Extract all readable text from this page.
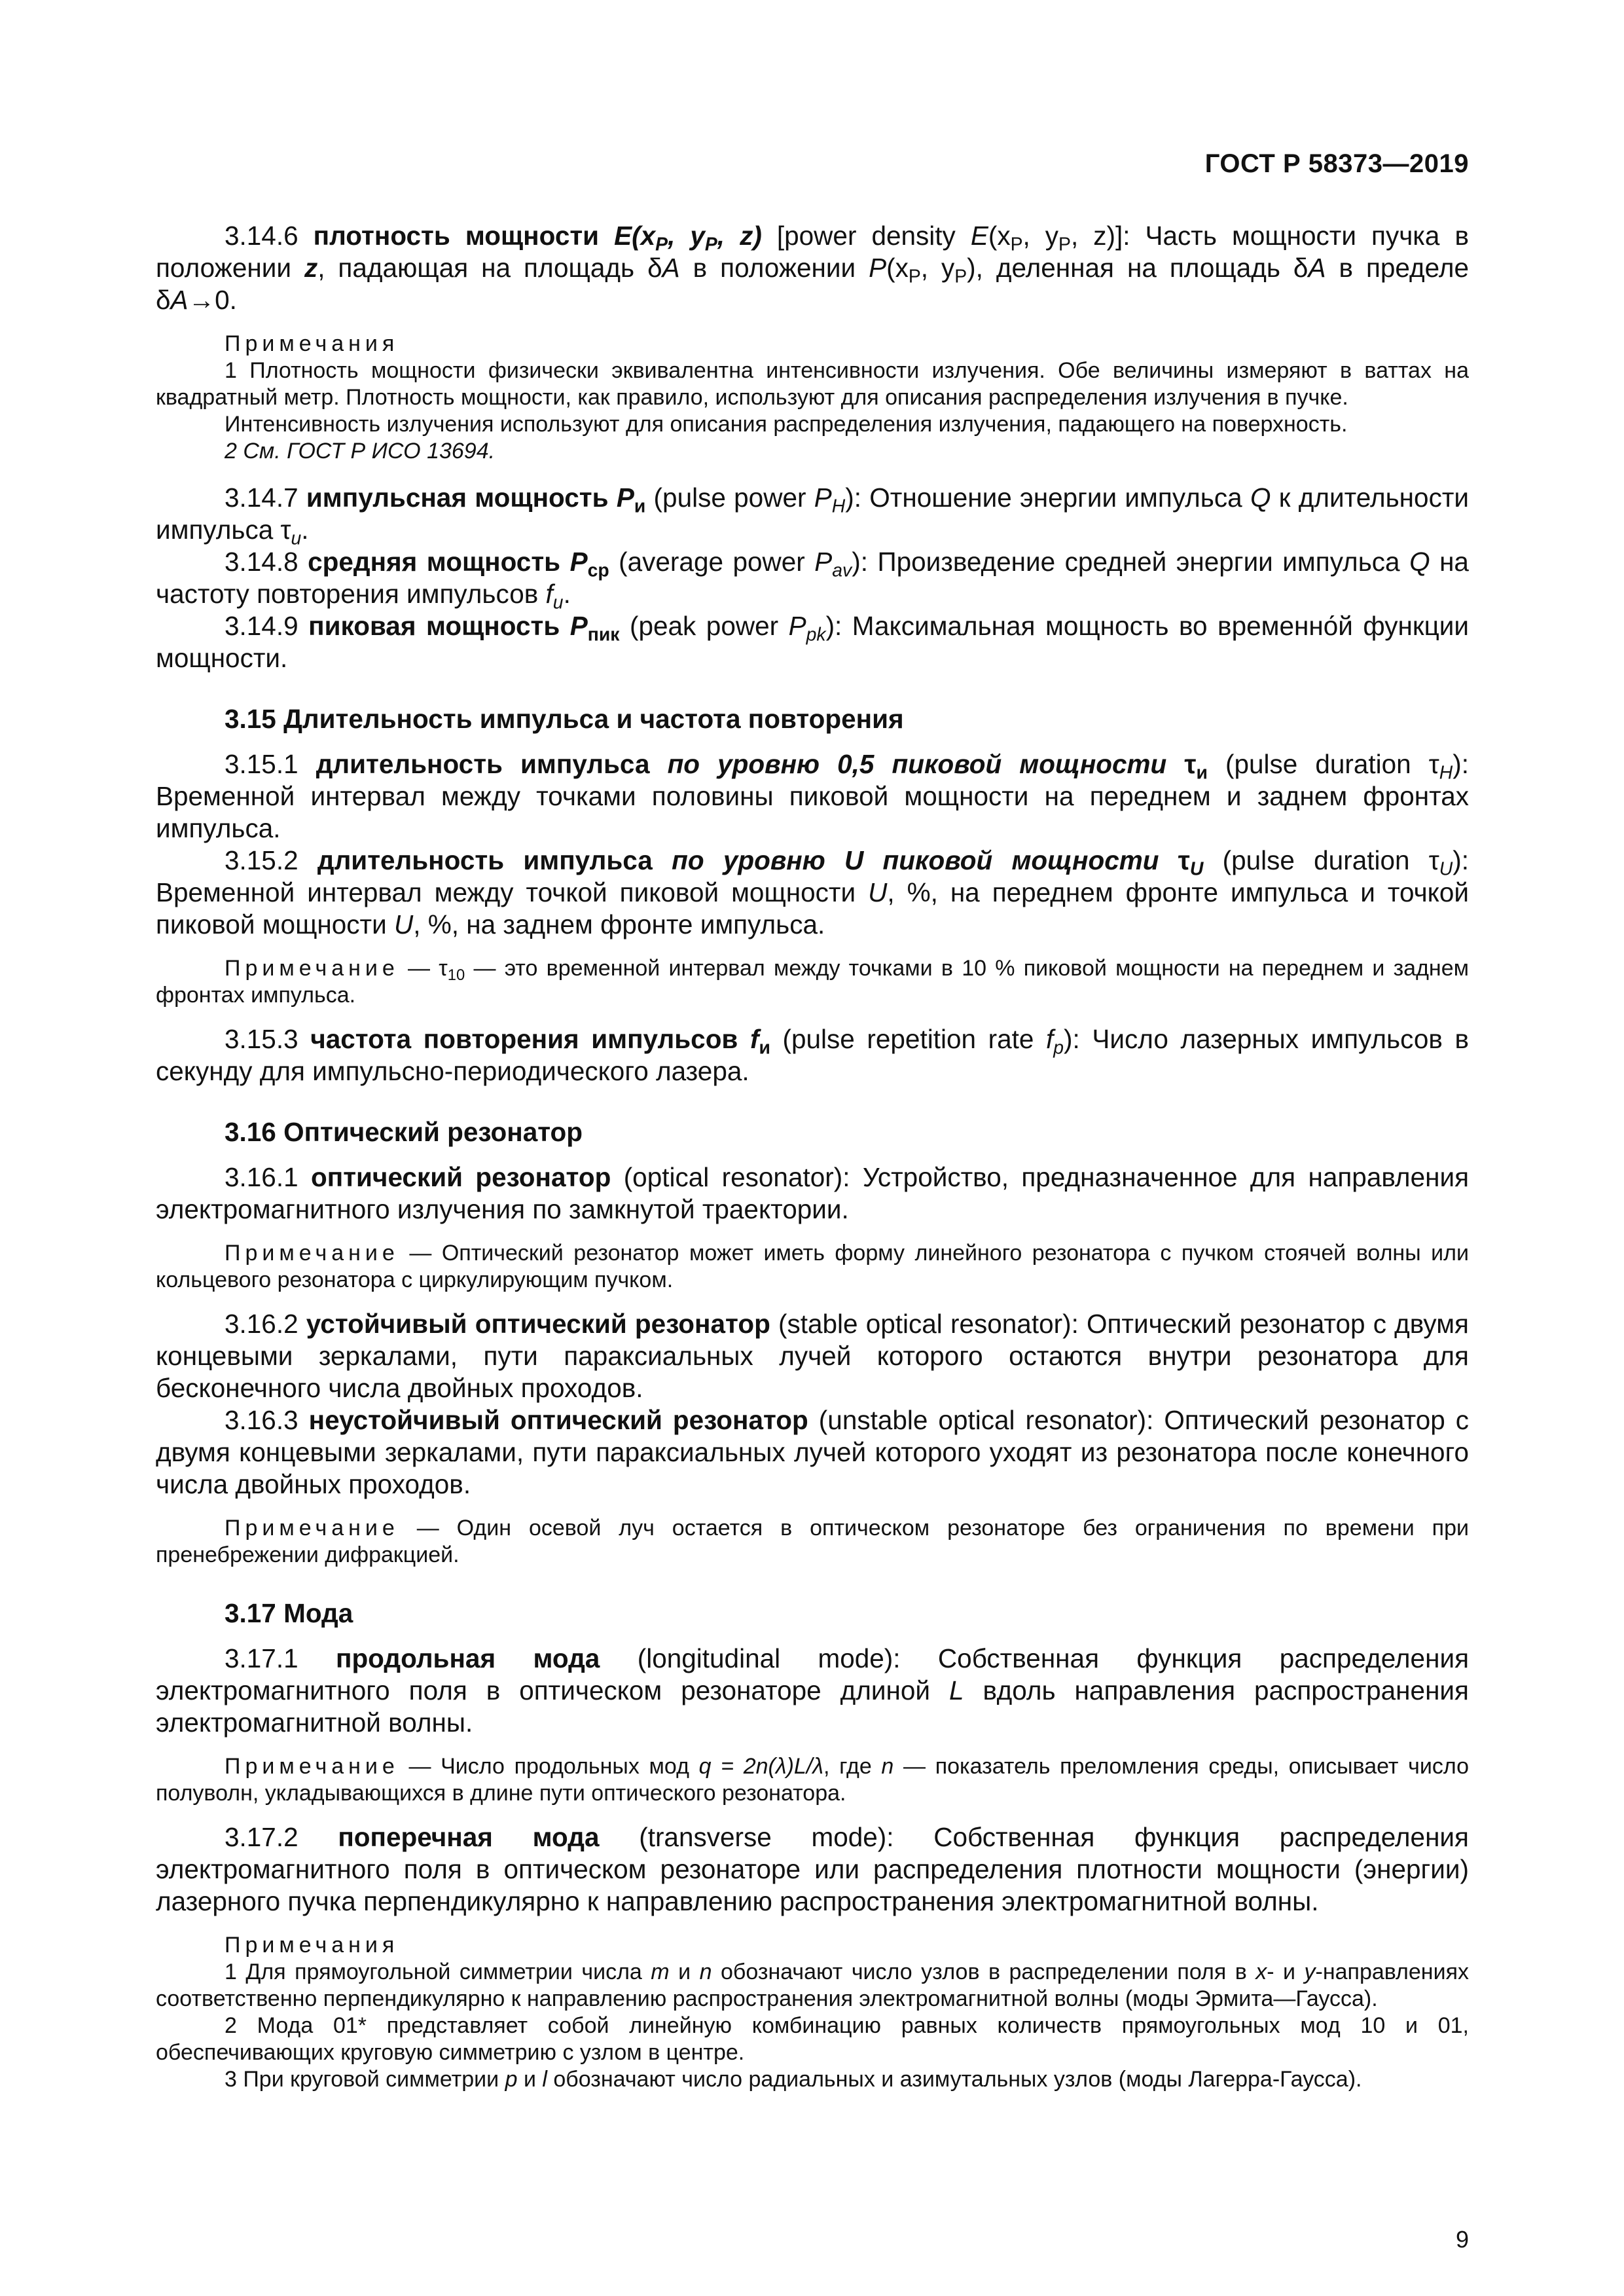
ГОСТ Р 58373—2019

3.14.6 плотность мощности $E(x_P$, $y_P$, z) [power density $E(x_P$, $y_P$, z)]: Часть мощности пучка в положении z, падающая на площадь δA в положении $P(x_P$, $y_P$), деленная на площадь δA в пределе δA→0.

Примечания

1 Плотность мощности физически эквивалентна интенсивности излучения. Обе величины измеряют в ваттах на квадратный метр. Плотность мощности, как правило, используют для описания распределения излучения в пучке.

Интенсивность излучения используют для описания распределения излучения, падающего на поверхность.

2 См. ГОСТ Р ИСО 13694.

3.14.7 импульсная мощность $P_и$ (pulse power $P_H$): Отношение энергии импульса Q к длительности импульса $\tau_и$.

3.14.8 средняя мощность $P_{ср}$ (average power $P_{av}$): Произведение средней энергии импульса Q на частоту повторения импульсов $f_и$.

3.14.9 пиковая мощность $P_{пик}$ (peak power $P_{pk}$): Максимальная мощность во временно́й функции мощности.

3.15 Длительность импульса и частота повторения

3.15.1 длительность импульса по уровню 0,5 пиковой мощности $\tau_и$ (pulse duration $\tau_H$): Временной интервал между точками половины пиковой мощности на переднем и заднем фронтах импульса.

3.15.2 длительность импульса по уровню U пиковой мощности $\tau_U$ (pulse duration $\tau_U$): Временной интервал между точкой пиковой мощности U, %, на переднем фронте импульса и точкой пиковой мощности U, %, на заднем фронте импульса.

Примечание — $\tau_{10}$ — это временной интервал между точками в 10 % пиковой мощности на переднем и заднем фронтах импульса.

3.15.3 частота повторения импульсов $f_и$ (pulse repetition rate $f_p$): Число лазерных импульсов в секунду для импульсно-периодического лазера.

3.16 Оптический резонатор

3.16.1 оптический резонатор (optical resonator): Устройство, предназначенное для направления электромагнитного излучения по замкнутой траектории.

Примечание — Оптический резонатор может иметь форму линейного резонатора с пучком стоячей волны или кольцевого резонатора с циркулирующим пучком.

3.16.2 устойчивый оптический резонатор (stable optical resonator): Оптический резонатор с двумя концевыми зеркалами, пути параксиальных лучей которого остаются внутри резонатора для бесконечного числа двойных проходов.

3.16.3 неустойчивый оптический резонатор (unstable optical resonator): Оптический резонатор с двумя концевыми зеркалами, пути параксиальных лучей которого уходят из резонатора после конечного числа двойных проходов.

Примечание — Один осевой луч остается в оптическом резонаторе без ограничения по времени при пренебрежении дифракцией.

3.17 Мода

3.17.1 продольная мода (longitudinal mode): Собственная функция распределения электромагнитного поля в оптическом резонаторе длиной L вдоль направления распространения электромагнитной волны.

Примечание — Число продольных мод q = 2n(λ)L/λ, где n — показатель преломления среды, описывает число полуволн, укладывающихся в длине пути оптического резонатора.

3.17.2 поперечная мода (transverse mode): Собственная функция распределения электромагнитного поля в оптическом резонаторе или распределения плотности мощности (энергии) лазерного пучка перпендикулярно к направлению распространения электромагнитной волны.

Примечания

1 Для прямоугольной симметрии числа m и n обозначают число узлов в распределении поля в x- и y-направлениях соответственно перпендикулярно к направлению распространения электромагнитной волны (моды Эрмита—Гаусса).

2 Мода 01* представляет собой линейную комбинацию равных количеств прямоугольных мод 10 и 01, обеспечивающих круговую симметрию с узлом в центре.

3 При круговой симметрии p и l обозначают число радиальных и азимутальных узлов (моды Лагерра-Гаусса).

9
